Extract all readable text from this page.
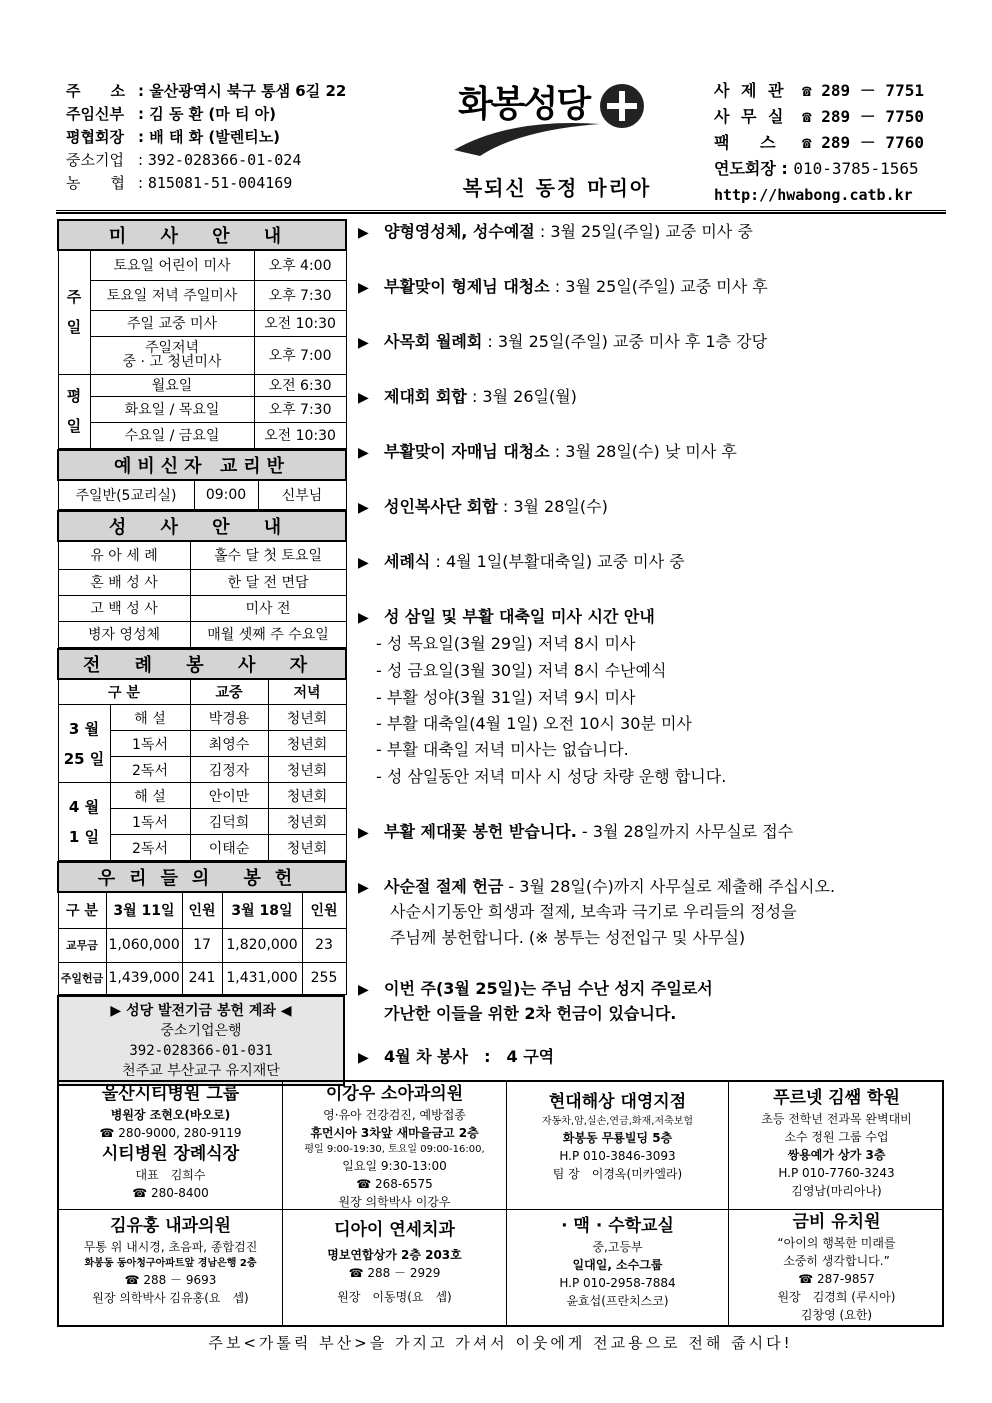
주　　소 : 울산광역시 북구 통샘 6길 22
주임신부 : 김 동 환 (마 티 아)
평협회장 : 배 태 화 (발렌티노)
중소기업 : 392-028366-01-024
농　　협 : 815081-51-004169
화봉성당
복되신 동정 마리아
사 제 관 ☎ 289 － 7751
사 무 실 ☎ 289 － 7750
팩　 스 ☎ 289 － 7760
연도회장 : 010-3785-1565
http://hwabong.catb.kr
미 사 안 내		
주
일	토요일 어린이 미사	오후 4:00
	토요일 저녁 주일미사	오후 7:30
	주일 교중 미사	오전 10:30
	주일저녁
중 · 고 청년미사	오후 7:00
평
일	월요일	오전 6:30
	화요일 / 목요일	오후 7:30
	수요일 / 금요일	오전 10:30
예비신자 교리반
주일반(5교리실)	09:00	신부님
성 사 안 내	
유 아 세 례	홀수 달 첫 토요일
혼 배 성 사	한 달 전 면담
고 백 성 사	미사 전
병자 영성체	매월 셋째 주 수요일
전 례 봉 사 자			
구 분		교중	저녁
3 월
25 일	해 설	박경용	청년회
	1독서	최영수	청년회
	2독서	김정자	청년회
4 월
1 일	해 설	안이만	청년회
	1독서	김덕희	청년회
	2독서	이태순	청년회
우리들의 봉헌				
구 분	3월 11일	인원	3월 18일	인원
교무금	1,060,000	17	1,820,000	23
주일헌금	1,439,000	241	1,431,000	255
▶ 성당 발전기금 봉헌 계좌 ◀
중소기업은행
392-028366-01-031
천주교 부산교구 유지재단
▶ 양형영성체, 성수예절 : 3월 25일(주일) 교중 미사 중
▶ 부활맞이 형제님 대청소 : 3월 25일(주일) 교중 미사 후
▶ 사목회 월례회 : 3월 25일(주일) 교중 미사 후 1층 강당
▶ 제대회 회합 : 3월 26일(월)
▶ 부활맞이 자매님 대청소 : 3월 28일(수) 낮 미사 후
▶ 성인복사단 회합 : 3월 28일(수)
▶ 세례식 : 4월 1일(부활대축일) 교중 미사 중
▶ 성 삼일 및 부활 대축일 미사 시간 안내
- 성 목요일(3월 29일) 저녁 8시 미사
- 성 금요일(3월 30일) 저녁 8시 수난예식
- 부활 성야(3월 31일) 저녁 9시 미사
- 부활 대축일(4월 1일) 오전 10시 30분 미사
- 부활 대축일 저녁 미사는 없습니다.
- 성 삼일동안 저녁 미사 시 성당 차량 운행 합니다.
▶ 부활 제대꽃 봉헌 받습니다. - 3월 28일까지 사무실로 접수
▶ 사순절 절제 헌금 - 3월 28일(수)까지 사무실로 제출해 주십시오.
사순시기동안 희생과 절제, 보속과 극기로 우리들의 정성을
주님께 봉헌합니다. (※ 봉투는 성전입구 및 사무실)
▶ 이번 주(3월 25일)는 주님 수난 성지 주일로서
가난한 이들을 위한 2차 헌금이 있습니다.
▶ 4월 차 봉사　:　4 구역
울산시티병원 그룹
병원장 조현오(바오로)
☎ 280-9000, 280-9119
시티병원 장례식장
대표　김희수
☎ 280-8400
이강우 소아과의원
영·유아 건강검진, 예방접종
휴먼시아 3차앞 새마을금고 2층
평일 9:00-19:30, 토요일 09:00-16:00,
일요일 9:30-13:00
☎ 268-6575
원장 의학박사 이강우
현대해상 대영지점
자동차,암,실손,연금,화재,저축보험
화봉동 무룡빌딩 5층
H.P 010-3846-3093
팀 장　이경옥(미카엘라)
푸르넷 김쌤 학원
초등 전학년 전과목 완벽대비
소수 정원 그룹 수업
쌍용예가 상가 3층
H.P 010-7760-3243
김영남(마리아나)
김유홍 내과의원
무통 위 내시경, 초음파, 종합검진
화봉동 동아청구아파트앞 경남은행 2층
☎ 288 － 9693
원장 의학박사 김유홍(요　셉)
디아이 연세치과
명보연합상가 2층 203호
☎ 288 － 2929
원장　이동명(요　셉)
· 맥 · 수학교실
중,고등부
일대일, 소수그룹
H.P 010-2958-7884
윤효섭(프란치스코)
금비 유치원
“아이의 행복한 미래를
소중히 생각합니다.”
☎ 287-9857
원장　김경희 (루시아)
김창영 (요한)
주보<가톨릭 부산>을 가지고 가셔서 이웃에게 전교용으로 전해 줍시다!
